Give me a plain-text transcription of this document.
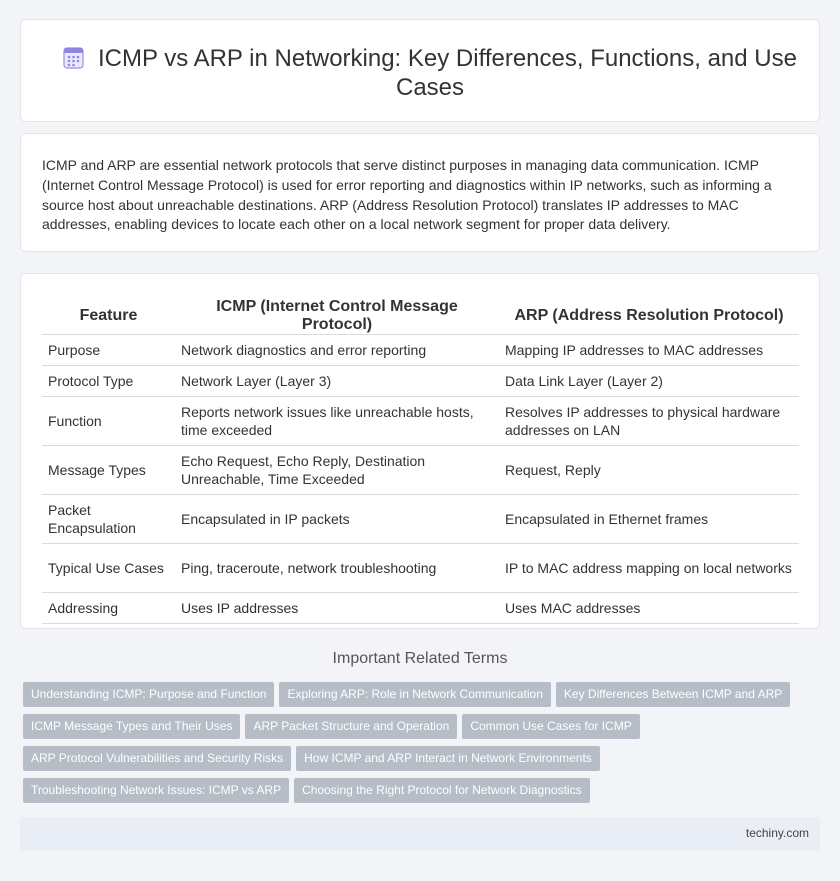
ICMP vs ARP in Networking: Key Differences, Functions, and Use Cases

ICMP and ARP are essential network protocols that serve distinct purposes in managing data communication. ICMP (Internet Control Message Protocol) is used for error reporting and diagnostics within IP networks, such as informing a source host about unreachable destinations. ARP (Address Resolution Protocol) translates IP addresses to MAC addresses, enabling devices to locate each other on a local network segment for proper data delivery.

Feature	ICMP (Internet Control Message Protocol)	ARP (Address Resolution Protocol)
Purpose	Network diagnostics and error reporting	Mapping IP addresses to MAC addresses
Protocol Type	Network Layer (Layer 3)	Data Link Layer (Layer 2)
Function	Reports network issues like unreachable hosts, time exceeded	Resolves IP addresses to physical hardware addresses on LAN
Message Types	Echo Request, Echo Reply, Destination Unreachable, Time Exceeded	Request, Reply
Packet Encapsulation	Encapsulated in IP packets	Encapsulated in Ethernet frames
Typical Use Cases	Ping, traceroute, network troubleshooting	IP to MAC address mapping on local networks
Addressing	Uses IP addresses	Uses MAC addresses
Important Related Terms
Understanding ICMP: Purpose and Function Exploring ARP: Role in Network Communication Key Differences Between ICMP and ARP
ICMP Message Types and Their Uses ARP Packet Structure and Operation Common Use Cases for ICMP
ARP Protocol Vulnerabilities and Security Risks How ICMP and ARP Interact in Network Environments
Troubleshooting Network Issues: ICMP vs ARP Choosing the Right Protocol for Network Diagnostics
techiny.com
